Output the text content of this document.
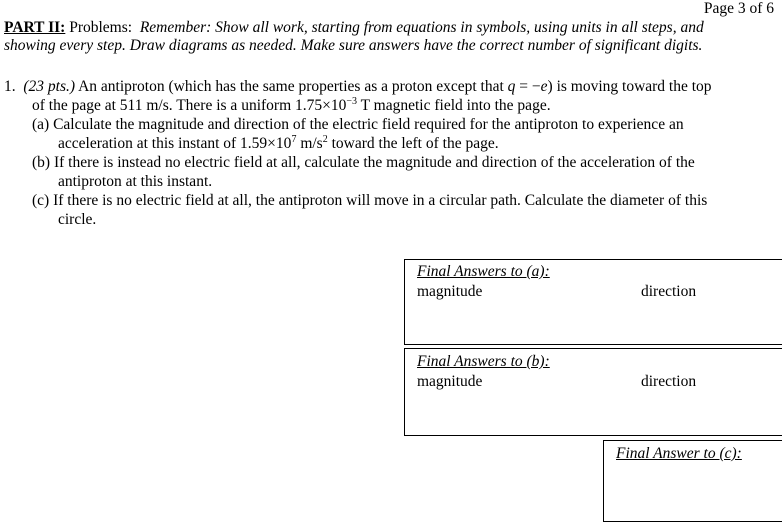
Page 3 of 6
PART II: Problems: Remember: Show all work, starting from equations in symbols, using units in all steps, and
showing every step. Draw diagrams as needed. Make sure answers have the correct number of significant digits.
1. (23 pts.) An antiproton (which has the same properties as a proton except that q = −e) is moving toward the top
of the page at 511 m/s. There is a uniform $1.75\times 10^{-3}$ T magnetic field into the page.
(a) Calculate the magnitude and direction of the electric field required for the antiproton to experience an
acceleration at this instant of $1.59\times 10^7$ $m/s^2$ toward the left of the page.
(b) If there is instead no electric field at all, calculate the magnitude and direction of the acceleration of the
antiproton at this instant.
(c) If there is no electric field at all, the antiproton will move in a circular path. Calculate the diameter of this
circle.
Final Answers to (a):
magnitude	direction
Final Answers to (b):
magnitude	direction
Final Answer to (c):
